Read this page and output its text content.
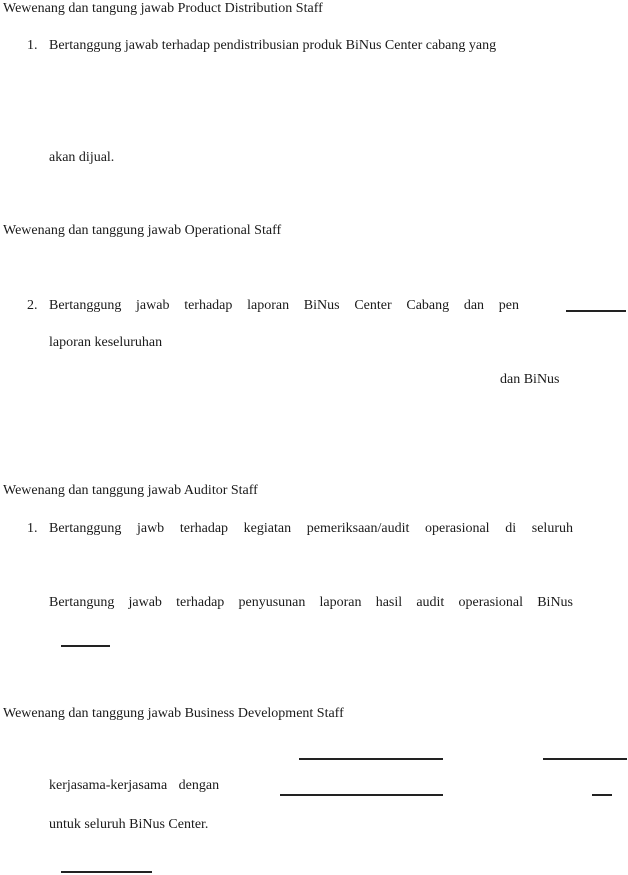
Wewenang dan tangung jawab Product Distribution Staff
1. Bertanggung jawab terhadap pendistribusian produk BiNus Center cabang yang
akan dijual.
Wewenang dan tanggung jawab Operational Staff
2. Bertanggung jawab terhadap laporan BiNus Center Cabang dan pen
laporan keseluruhan
dan BiNus
Wewenang dan tanggung jawab Auditor Staff
1. Bertanggung jawb terhadap kegiatan pemeriksaan/audit operasional di seluruh
Bertangung jawab terhadap penyusunan laporan hasil audit operasional BiNus
Wewenang dan tanggung jawab Business Development Staff
kerjasama-kerjasama dengan
untuk seluruh BiNus Center.
